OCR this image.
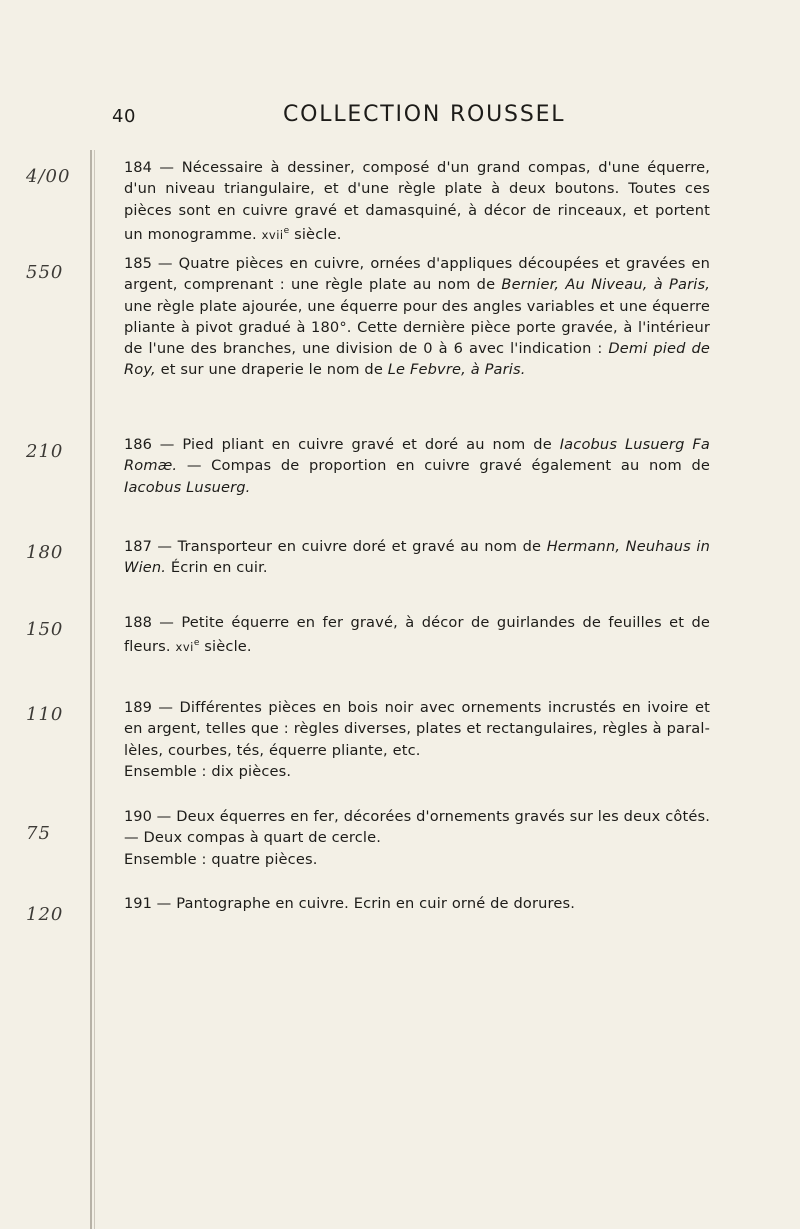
40	COLLECTION ROUSSEL
4/00
550
210
180
150
110
75
120

184 — Nécessaire à dessiner, composé d'un grand compas, d'une équerre, d'un niveau triangulaire, et d'une règle plate à deux boutons. Toutes ces pièces sont en cuivre gravé et damasquiné, à décor de rinceaux, et portent un monogramme. xvii$^e$ siècle.

185 — Quatre pièces en cuivre, ornées d'appliques découpées et gravées en argent, comprenant : une règle plate au nom de Bernier, Au Niveau, à Paris, une règle plate ajourée, une équerre pour des angles variables et une équerre pliante à pivot gradué à 180°. Cette dernière pièce porte gravée, à l'intérieur de l'une des branches, une division de 0 à 6 avec l'indication : Demi pied de Roy, et sur une draperie le nom de Le Febvre, à Paris.

186 — Pied pliant en cuivre gravé et doré au nom de Iacobus Lusuerg Fa Romæ. — Compas de proportion en cuivre gravé également au nom de Iacobus Lusuerg.

187 — Transporteur en cuivre doré et gravé au nom de Hermann, Neuhaus in Wien. Écrin en cuir.

188 — Petite équerre en fer gravé, à décor de guirlandes de feuilles et de fleurs. xvi$^e$ siècle.

189 — Différentes pièces en bois noir avec ornements incrustés en ivoire et en argent, telles que : règles diverses, plates et rectangulaires, règles à paral-lèles, courbes, tés, équerre pliante, etc.
Ensemble : dix pièces.

190 — Deux équerres en fer, décorées d'ornements gravés sur les deux côtés. — Deux compas à quart de cercle.
Ensemble : quatre pièces.

191 — Pantographe en cuivre. Ecrin en cuir orné de dorures.
